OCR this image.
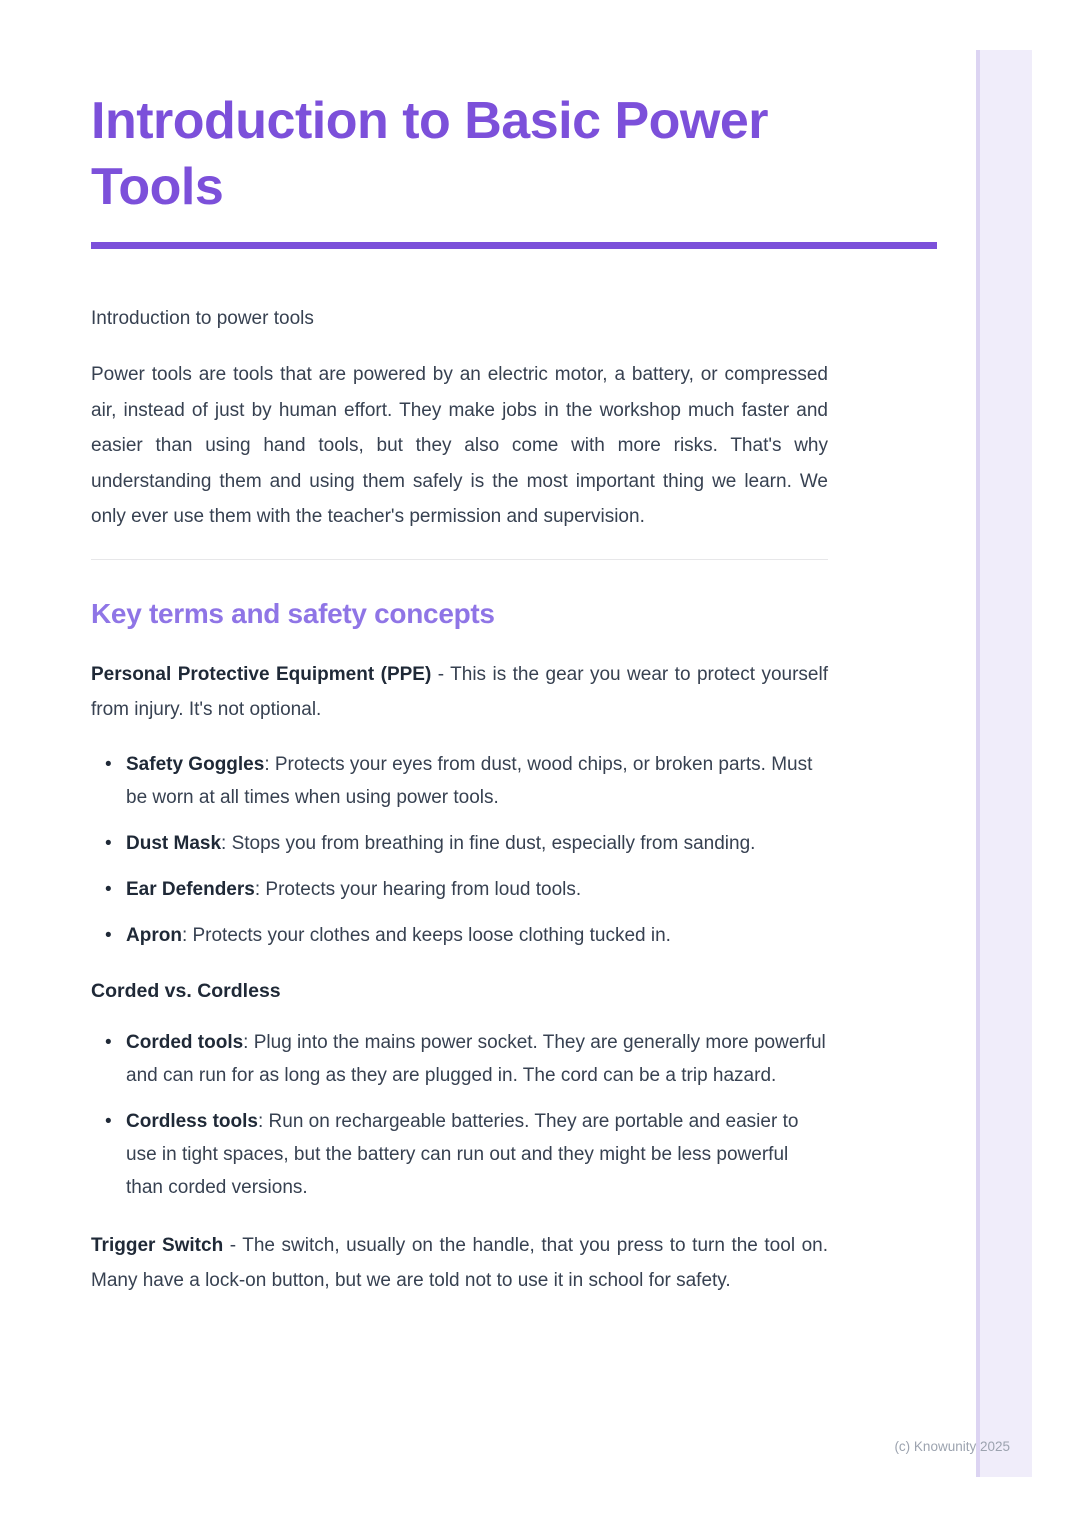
Introduction to Basic Power Tools

Introduction to power tools

Power tools are tools that are powered by an electric motor, a battery, or compressed air, instead of just by human effort. They make jobs in the workshop much faster and easier than using hand tools, but they also come with more risks. That's why understanding them and using them safely is the most important thing we learn. We only ever use them with the teacher's permission and supervision.

Key terms and safety concepts

Personal Protective Equipment (PPE) - This is the gear you wear to protect yourself from injury. It's not optional.

• Safety Goggles: Protects your eyes from dust, wood chips, or broken parts. Must be worn at all times when using power tools.
• Dust Mask: Stops you from breathing in fine dust, especially from sanding.
• Ear Defenders: Protects your hearing from loud tools.
• Apron: Protects your clothes and keeps loose clothing tucked in.
Corded vs. Cordless
• Corded tools: Plug into the mains power socket. They are generally more powerful and can run for as long as they are plugged in. The cord can be a trip hazard.
• Cordless tools: Run on rechargeable batteries. They are portable and easier to use in tight spaces, but the battery can run out and they might be less powerful than corded versions.

Trigger Switch - The switch, usually on the handle, that you press to turn the tool on. Many have a lock-on button, but we are told not to use it in school for safety.

(c) Knowunity 2025
